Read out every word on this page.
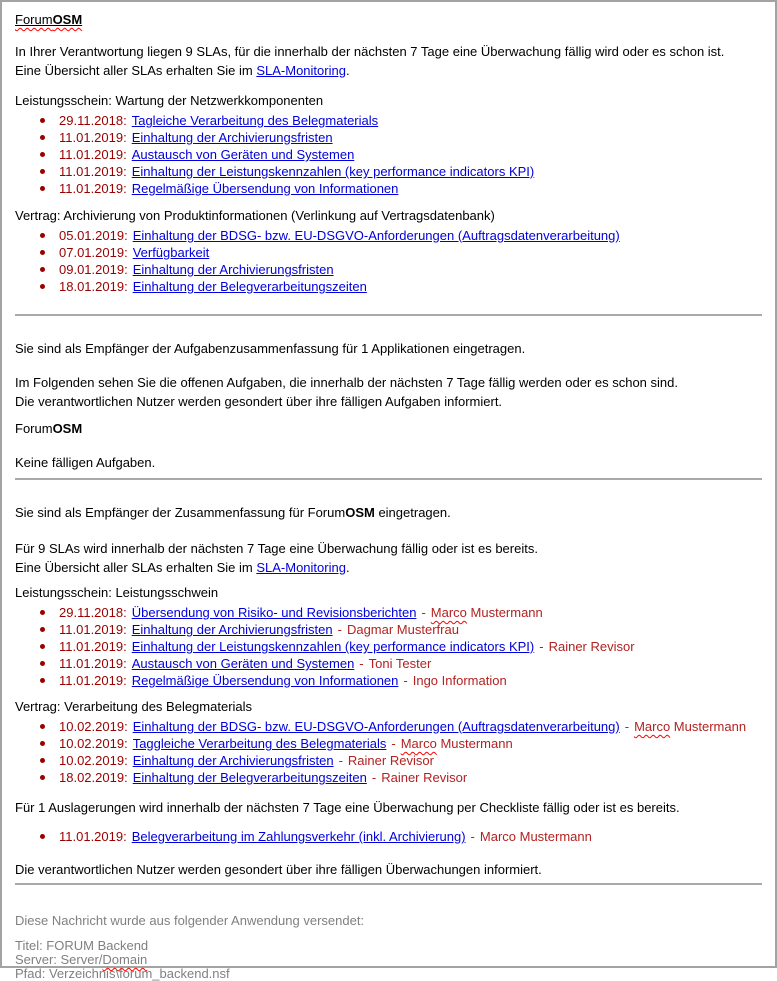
ForumOSM

In Ihrer Verantwortung liegen 9 SLAs, für die innerhalb der nächsten 7 Tage eine Überwachung fällig wird oder es schon ist.
Eine Übersicht aller SLAs erhalten Sie im SLA-Monitoring.

Leistungsschein: Wartung der Netzwerkkomponenten

29.11.2018: Tagleiche Verarbeitung des Belegmaterials
11.01.2019: Einhaltung der Archivierungsfristen
11.01.2019: Austausch von Geräten und Systemen
11.01.2019: Einhaltung der Leistungskennzahlen (key performance indicators KPI)
11.01.2019: Regelmäßige Übersendung von Informationen

Vertrag: Archivierung von Produktinformationen (Verlinkung auf Vertragsdatenbank)

05.01.2019: Einhaltung der BDSG- bzw. EU-DSGVO-Anforderungen (Auftragsdatenverarbeitung)
07.01.2019: Verfügbarkeit
09.01.2019: Einhaltung der Archivierungsfristen
18.01.2019: Einhaltung der Belegverarbeitungszeiten

Sie sind als Empfänger der Aufgabenzusammenfassung für 1 Applikationen eingetragen.

Im Folgenden sehen Sie die offenen Aufgaben, die innerhalb der nächsten 7 Tage fällig werden oder es schon sind.
Die verantwortlichen Nutzer werden gesondert über ihre fälligen Aufgaben informiert.

ForumOSM

Keine fälligen Aufgaben.

Sie sind als Empfänger der Zusammenfassung für ForumOSM eingetragen.

Für 9 SLAs wird innerhalb der nächsten 7 Tage eine Überwachung fällig oder ist es bereits.
Eine Übersicht aller SLAs erhalten Sie im SLA-Monitoring.

Leistungsschein: Leistungsschwein

29.11.2018: Übersendung von Risiko- und Revisionsberichten - Marco Mustermann
11.01.2019: Einhaltung der Archivierungsfristen - Dagmar Musterfrau
11.01.2019: Einhaltung der Leistungskennzahlen (key performance indicators KPI) - Rainer Revisor
11.01.2019: Austausch von Geräten und Systemen - Toni Tester
11.01.2019: Regelmäßige Übersendung von Informationen - Ingo Information

Vertrag: Verarbeitung des Belegmaterials

10.02.2019: Einhaltung der BDSG- bzw. EU-DSGVO-Anforderungen (Auftragsdatenverarbeitung) - Marco Mustermann
10.02.2019: Taggleiche Verarbeitung des Belegmaterials - Marco Mustermann
10.02.2019: Einhaltung der Archivierungsfristen - Rainer Revisor
18.02.2019: Einhaltung der Belegverarbeitungszeiten - Rainer Revisor

Für 1 Auslagerungen wird innerhalb der nächsten 7 Tage eine Überwachung per Checkliste fällig oder ist es bereits.

11.01.2019: Belegverarbeitung im Zahlungsverkehr (inkl. Archivierung) - Marco Mustermann

Die verantwortlichen Nutzer werden gesondert über ihre fälligen Überwachungen informiert.

Diese Nachricht wurde aus folgender Anwendung versendet:

Titel: FORUM Backend

Server: Server/Domain

Pfad: Verzeichnis\forum_backend.nsf
